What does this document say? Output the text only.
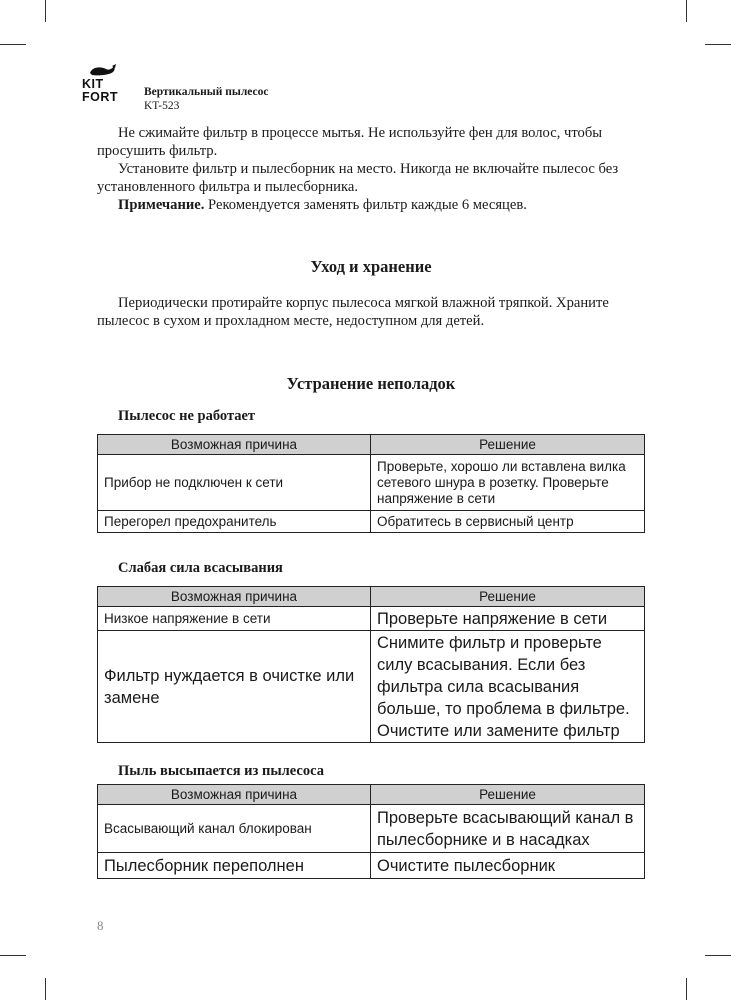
KIT
FORT	Вертикальный пылесос
KT-523

Не сжимайте фильтр в процессе мытья. Не используйте фен для волос, чтобы просушить фильтр.

Установите фильтр и пылесборник на место. Никогда не включайте пылесос без установленного фильтра и пылесборника.

Примечание. Рекомендуется заменять фильтр каждые 6 месяцев.

Уход и хранение

Периодически протирайте корпус пылесоса мягкой влажной тряпкой. Храните пылесос в сухом и прохладном месте, недоступном для детей.

Устранение неполадок
Пылесос не работает
Возможная причина	Решение
Прибор не подключен к сети	Проверьте, хорошо ли вставлена вилка сетевого шнура в розетку. Проверьте напряжение в сети
Перегорел предохранитель	Обратитесь в сервисный центр
Слабая сила всасывания
Возможная причина	Решение
Низкое напряжение в сети	Проверьте напряжение в сети
Фильтр нуждается в очистке или замене	Снимите фильтр и проверьте силу всасывания. Если без фильтра сила всасывания больше, то проблема в фильтре. Очистите или замените фильтр
Пыль высыпается из пылесоса
Возможная причина	Решение
Всасывающий канал блокирован	Проверьте всасывающий канал в пылесборнике и в насадках
Пылесборник переполнен	Очистите пылесборник
8
